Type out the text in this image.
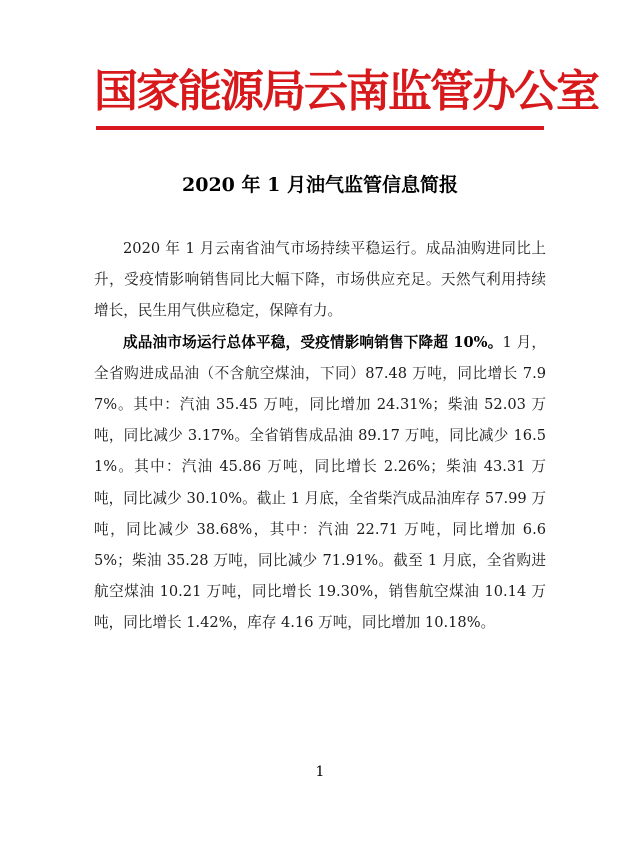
国家能源局云南监管办公室
2020 年 1 月油气监管信息简报

2020 年 1 月云南省油气市场持续平稳运行。成品油购进同比上升，受疫情影响销售同比大幅下降，市场供应充足。天然气利用持续增长，民生用气供应稳定，保障有力。

成品油市场运行总体平稳，受疫情影响销售下降超 10%。1 月，全省购进成品油（不含航空煤油，下同）87.48 万吨，同比增长 7.97%。其中：汽油 35.45 万吨，同比增加 24.31%；柴油 52.03 万吨，同比减少 3.17%。全省销售成品油 89.17 万吨，同比减少 16.51%。其中：汽油 45.86 万吨，同比增长 2.26%；柴油 43.31 万吨，同比减少 30.10%。截止 1 月底，全省柴汽成品油库存 57.99 万吨，同比减少 38.68%，其中：汽油 22.71 万吨，同比增加 6.65%；柴油 35.28 万吨，同比减少 71.91%。截至 1 月底，全省购进航空煤油 10.21 万吨，同比增长 19.30%，销售航空煤油 10.14 万吨，同比增长 1.42%，库存 4.16 万吨，同比增加 10.18%。

1
